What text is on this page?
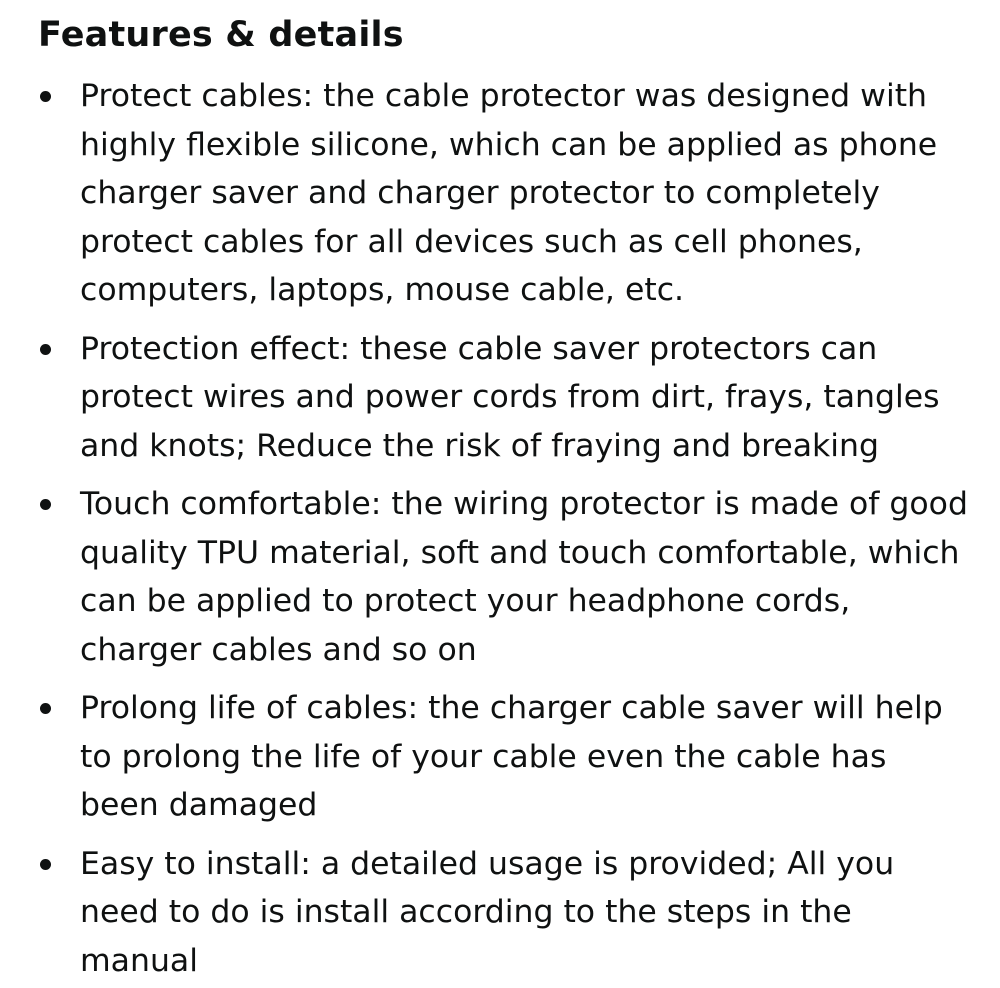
Features & details
Protect cables: the cable protector was designed with highly flexible silicone, which can be applied as phone charger saver and charger protector to completely protect cables for all devices such as cell phones, computers, laptops, mouse cable, etc.
Protection effect: these cable saver protectors can protect wires and power cords from dirt, frays, tangles and knots; Reduce the risk of fraying and breaking
Touch comfortable: the wiring protector is made of good quality TPU material, soft and touch comfortable, which can be applied to protect your headphone cords, charger cables and so on
Prolong life of cables: the charger cable saver will help to prolong the life of your cable even the cable has been damaged
Easy to install: a detailed usage is provided; All you need to do is install according to the steps in the manual
